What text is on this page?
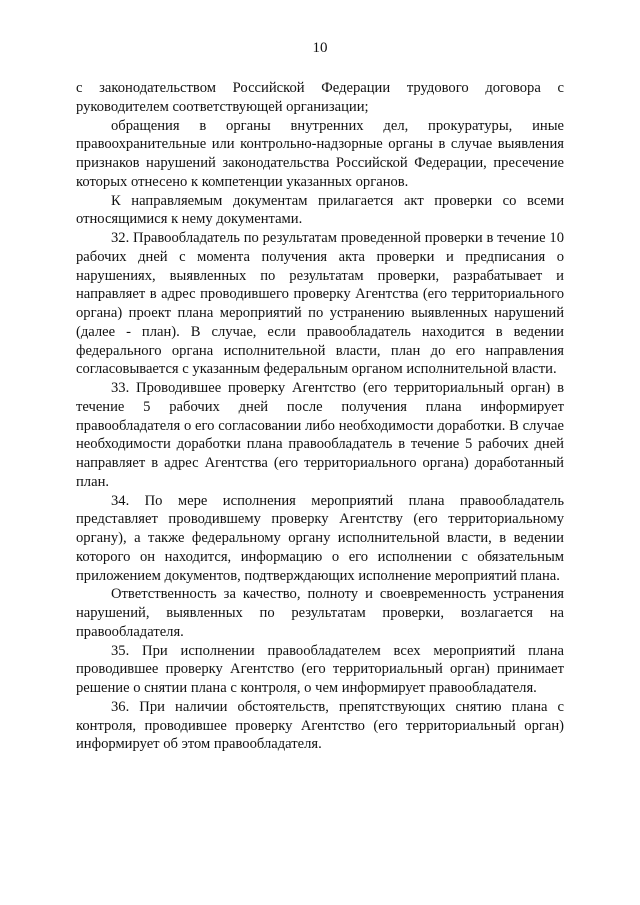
10

с законодательством Российской Федерации трудового договора с руководителем соответствующей организации;

обращения в органы внутренних дел, прокуратуры, иные правоохранительные или контрольно-надзорные органы в случае выявления признаков нарушений законодательства Российской Федерации, пресечение которых отнесено к компетенции указанных органов.

К направляемым документам прилагается акт проверки со всеми относящимися к нему документами.

32. Правообладатель по результатам проведенной проверки в течение 10 рабочих дней с момента получения акта проверки и предписания о нарушениях, выявленных по результатам проверки, разрабатывает и направляет в адрес проводившего проверку Агентства (его территориального органа) проект плана мероприятий по устранению выявленных нарушений (далее - план). В случае, если правообладатель находится в ведении федерального органа исполнительной власти, план до его направления согласовывается с указанным федеральным органом исполнительной власти.

33. Проводившее проверку Агентство (его территориальный орган) в течение 5 рабочих дней после получения плана информирует правообладателя о его согласовании либо необходимости доработки. В случае необходимости доработки плана правообладатель в течение 5 рабочих дней направляет в адрес Агентства (его территориального органа) доработанный план.

34. По мере исполнения мероприятий плана правообладатель представляет проводившему проверку Агентству (его территориальному органу), а также федеральному органу исполнительной власти, в ведении которого он находится, информацию о его исполнении с обязательным приложением документов, подтверждающих исполнение мероприятий плана.

Ответственность за качество, полноту и своевременность устранения нарушений, выявленных по результатам проверки, возлагается на правообладателя.

35. При исполнении правообладателем всех мероприятий плана проводившее проверку Агентство (его территориальный орган) принимает решение о снятии плана с контроля, о чем информирует правообладателя.

36. При наличии обстоятельств, препятствующих снятию плана с контроля, проводившее проверку Агентство (его территориальный орган) информирует об этом правообладателя.
